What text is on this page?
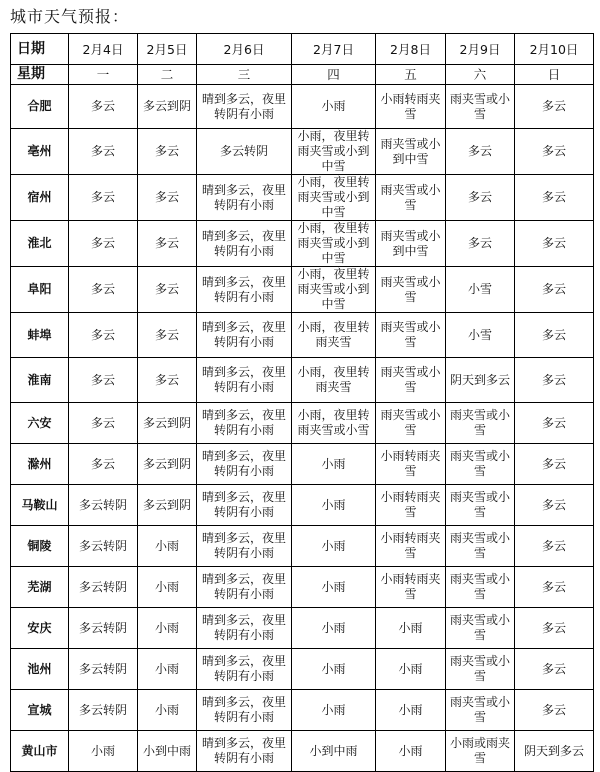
城市天气预报：
日期	2月4日	2月5日	2月6日	2月7日	2月8日	2月9日	2月10日
星期	一	二	三	四	五	六	日
合肥	多云	多云到阴	晴到多云，夜里转阴有小雨	小雨	小雨转雨夹雪	雨夹雪或小雪	多云
亳州	多云	多云	多云转阴	小雨，夜里转雨夹雪或小到中雪	雨夹雪或小到中雪	多云	多云
宿州	多云	多云	晴到多云，夜里转阴有小雨	小雨，夜里转雨夹雪或小到中雪	雨夹雪或小雪	多云	多云
淮北	多云	多云	晴到多云，夜里转阴有小雨	小雨，夜里转雨夹雪或小到中雪	雨夹雪或小到中雪	多云	多云
阜阳	多云	多云	晴到多云，夜里转阴有小雨	小雨，夜里转雨夹雪或小到中雪	雨夹雪或小雪	小雪	多云
蚌埠	多云	多云	晴到多云，夜里转阴有小雨	小雨，夜里转雨夹雪	雨夹雪或小雪	小雪	多云
淮南	多云	多云	晴到多云，夜里转阴有小雨	小雨，夜里转雨夹雪	雨夹雪或小雪	阴天到多云	多云
六安	多云	多云到阴	晴到多云，夜里转阴有小雨	小雨，夜里转雨夹雪或小雪	雨夹雪或小雪	雨夹雪或小雪	多云
滁州	多云	多云到阴	晴到多云，夜里转阴有小雨	小雨	小雨转雨夹雪	雨夹雪或小雪	多云
马鞍山	多云转阴	多云到阴	晴到多云，夜里转阴有小雨	小雨	小雨转雨夹雪	雨夹雪或小雪	多云
铜陵	多云转阴	小雨	晴到多云，夜里转阴有小雨	小雨	小雨转雨夹雪	雨夹雪或小雪	多云
芜湖	多云转阴	小雨	晴到多云，夜里转阴有小雨	小雨	小雨转雨夹雪	雨夹雪或小雪	多云
安庆	多云转阴	小雨	晴到多云，夜里转阴有小雨	小雨	小雨	雨夹雪或小雪	多云
池州	多云转阴	小雨	晴到多云，夜里转阴有小雨	小雨	小雨	雨夹雪或小雪	多云
宣城	多云转阴	小雨	晴到多云，夜里转阴有小雨	小雨	小雨	雨夹雪或小雪	多云
黄山市	小雨	小到中雨	晴到多云，夜里转阴有小雨	小到中雨	小雨	小雨或雨夹雪	阴天到多云
